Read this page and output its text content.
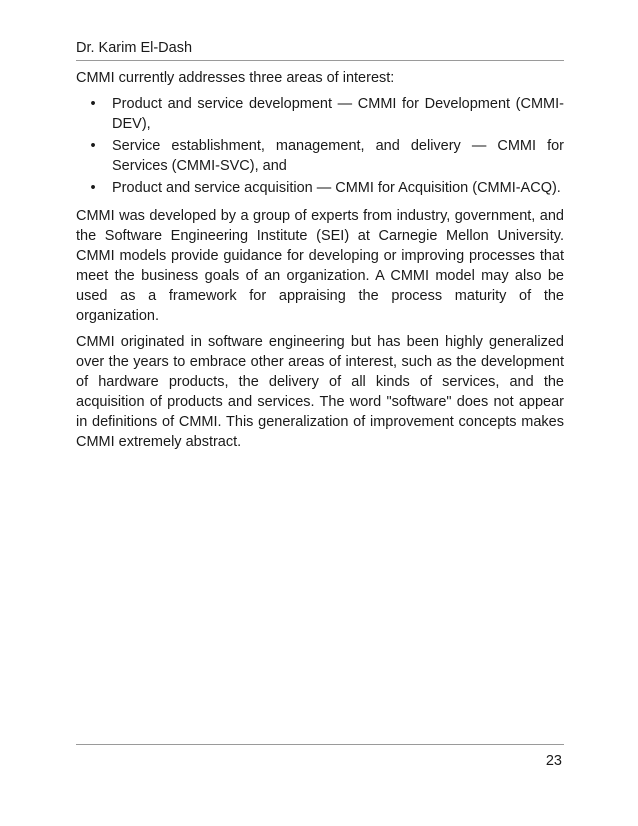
Dr. Karim El-Dash

CMMI currently addresses three areas of interest:

• Product and service development — CMMI for Development (CMMI-DEV),
• Service establishment, management, and delivery — CMMI for Services (CMMI-SVC), and
• Product and service acquisition — CMMI for Acquisition (CMMI-ACQ).

CMMI was developed by a group of experts from industry, government, and the Software Engineering Institute (SEI) at Carnegie Mellon University. CMMI models provide guidance for developing or improving processes that meet the business goals of an organization. A CMMI model may also be used as a framework for appraising the process maturity of the organization.

CMMI originated in software engineering but has been highly generalized over the years to embrace other areas of interest, such as the development of hardware products, the delivery of all kinds of services, and the acquisition of products and services. The word "software" does not appear in definitions of CMMI. This generalization of improvement concepts makes CMMI extremely abstract.

23
